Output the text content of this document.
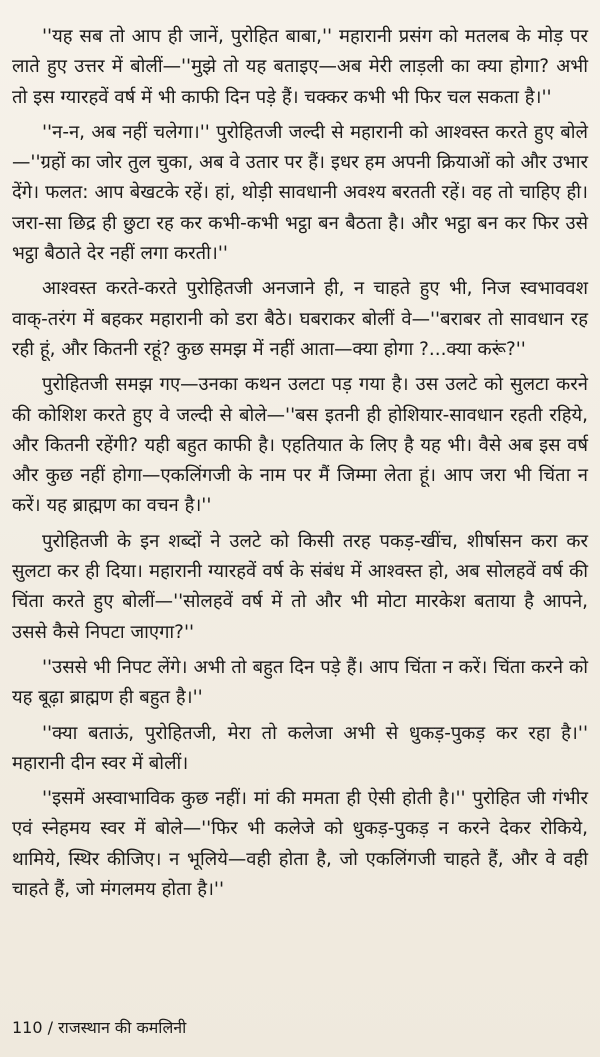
''यह सब तो आप ही जानें, पुरोहित बाबा,'' महारानी प्रसंग को मतलब के मोड़ पर लाते हुए उत्तर में बोलीं—''मुझे तो यह बताइए—अब मेरी लाड़ली का क्या होगा? अभी तो इस ग्यारहवें वर्ष में भी काफी दिन पड़े हैं। चक्कर कभी भी फिर चल सकता है।''

''न-न, अब नहीं चलेगा।'' पुरोहितजी जल्दी से महारानी को आश्वस्त करते हुए बोले—''ग्रहों का जोर तुल चुका, अब वे उतार पर हैं। इधर हम अपनी क्रियाओं को और उभार देंगे। फलत: आप बेखटके रहें। हां, थोड़ी सावधानी अवश्य बरतती रहें। वह तो चाहिए ही। जरा-सा छिद्र ही छुटा रह कर कभी-कभी भट्ठा बन बैठता है। और भट्ठा बन कर फिर उसे भट्ठा बैठाते देर नहीं लगा करती।''

आश्वस्त करते-करते पुरोहितजी अनजाने ही, न चाहते हुए भी, निज स्वभाववश वाक्-तरंग में बहकर महारानी को डरा बैठे। घबराकर बोलीं वे—''बराबर तो सावधान रह रही हूं, और कितनी रहूं? कुछ समझ में नहीं आता—क्या होगा ?...क्या करूं?''

पुरोहितजी समझ गए—उनका कथन उलटा पड़ गया है। उस उलटे को सुलटा करने की कोशिश करते हुए वे जल्दी से बोले—''बस इतनी ही होशियार-सावधान रहती रहिये, और कितनी रहेंगी? यही बहुत काफी है। एहतियात के लिए है यह भी। वैसे अब इस वर्ष और कुछ नहीं होगा—एकलिंगजी के नाम पर मैं जिम्मा लेता हूं। आप जरा भी चिंता न करें। यह ब्राह्मण का वचन है।''

पुरोहितजी के इन शब्दों ने उलटे को किसी तरह पकड़-खींच, शीर्षासन करा कर सुलटा कर ही दिया। महारानी ग्यारहवें वर्ष के संबंध में आश्वस्त हो, अब सोलहवें वर्ष की चिंता करते हुए बोलीं—''सोलहवें वर्ष में तो और भी मोटा मारकेश बताया है आपने, उससे कैसे निपटा जाएगा?''

''उससे भी निपट लेंगे। अभी तो बहुत दिन पड़े हैं। आप चिंता न करें। चिंता करने को यह बूढ़ा ब्राह्मण ही बहुत है।''

''क्या बताऊं, पुरोहितजी, मेरा तो कलेजा अभी से धुकड़-पुकड़ कर रहा है।'' महारानी दीन स्वर में बोलीं।

''इसमें अस्वाभाविक कुछ नहीं। मां की ममता ही ऐसी होती है।'' पुरोहित जी गंभीर एवं स्नेहमय स्वर में बोले—''फिर भी कलेजे को धुकड़-पुकड़ न करने देकर रोकिये, थामिये, स्थिर कीजिए। न भूलिये—वही होता है, जो एकलिंगजी चाहते हैं, और वे वही चाहते हैं, जो मंगलमय होता है।''

110 / राजस्थान की कमलिनी
